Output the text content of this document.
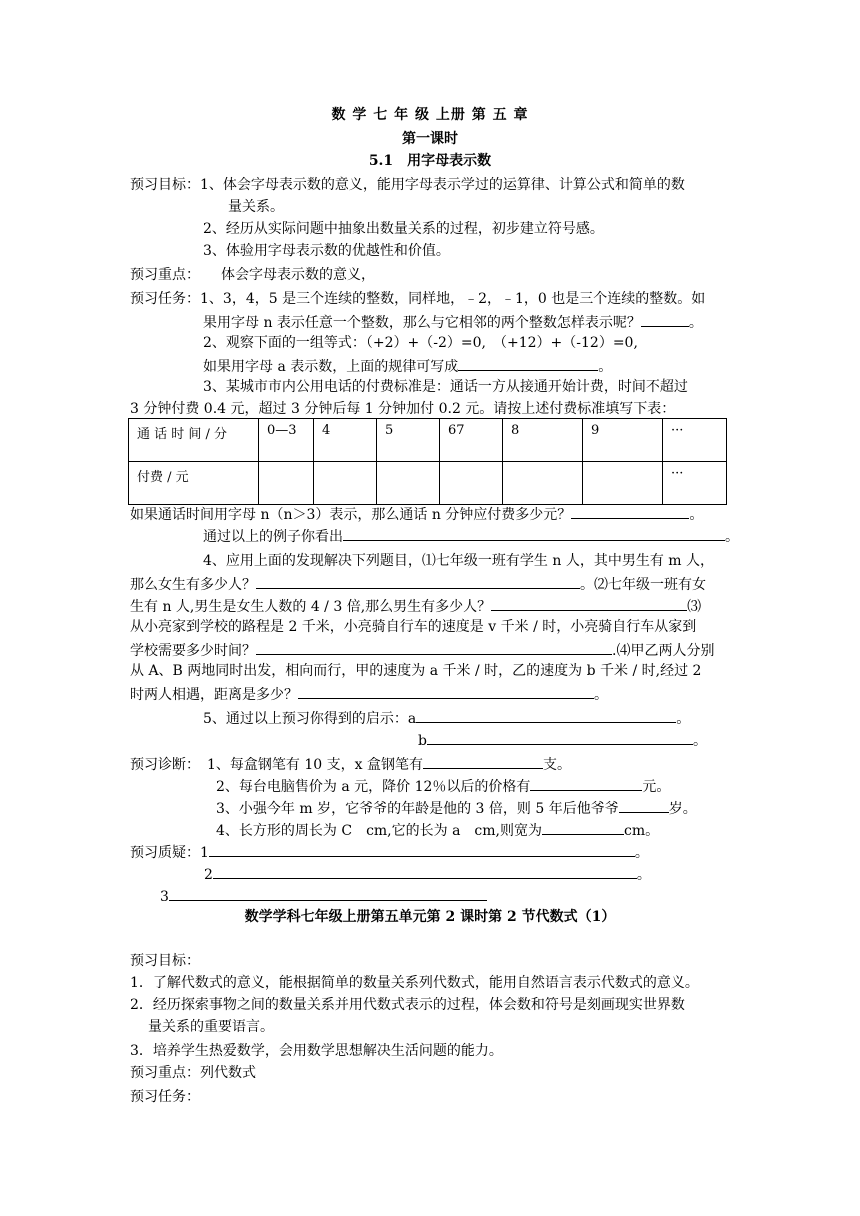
数 学 七 年 级 上册 第 五 章
第一课时
5.1　用字母表示数
预习目标：1、体会字母表示数的意义，能用字母表示学过的运算律、计算公式和简单的数
量关系。
2、经历从实际问题中抽象出数量关系的过程，初步建立符号感。
3、体验用字母表示数的优越性和价值。
预习重点：　　体会字母表示数的意义，
预习任务：1、3，4，5 是三个连续的整数，同样地，﹣2，﹣1，0 也是三个连续的整数。如
果用字母 n 表示任意一个整数，那么与它相邻的两个整数怎样表示呢？	。
2、观察下面的一组等式：（+2）+（-2）=0,　（+12）+（-12）=0,
如果用字母 a 表示数，上面的规律可写成	。
3、某城市市内公用电话的付费标准是：通话一方从接通开始计费，时间不超过
3 分钟付费 0.4 元，超过 3 分钟后每 1 分钟加付 0.2 元。请按上述付费标准填写下表：
通 话 时 间 / 分	0—3	4	5	67	8	9	···
付费 / 元							···
如果通话时间用字母 n（n＞3）表示，那么通话 n 分钟应付费多少元？	。
通过以上的例子你看出	。
4、应用上面的发现解决下列题目，⑴七年级一班有学生 n 人，其中男生有 m 人，
那么女生有多少人？	。⑵七年级一班有女
生有 n 人,男生是女生人数的 4 / 3 倍,那么男生有多少人？	⑶
从小亮家到学校的路程是 2 千米，小亮骑自行车的速度是 v 千米 / 时，小亮骑自行车从家到
学校需要多少时间？	.⑷甲乙两人分别
从 A、B 两地同时出发，相向而行，甲的速度为 a 千米 / 时，乙的速度为 b 千米 / 时,经过 2
时两人相遇，距离是多少？	。
5、通过以上预习你得到的启示：a	。
b	。
预习诊断：　1、每盒钢笔有 10 支，x 盒钢笔有	支。
2、每台电脑售价为 a 元，降价 12％以后的价格有	元。
3、小强今年 m 岁，它爷爷的年龄是他的 3 倍，则 5 年后他爷爷	岁。
4、长方形的周长为 C　cm,它的长为 a　cm,则宽为	cm。
预习质疑：1	。
2	。
3
数学学科七年级上册第五单元第 2 课时第 2 节代数式（1）
预习目标：
1．了解代数式的意义，能根据简单的数量关系列代数式，能用自然语言表示代数式的意义。
2．经历探索事物之间的数量关系并用代数式表示的过程，体会数和符号是刻画现实世界数
量关系的重要语言。
3．培养学生热爱数学，会用数学思想解决生活问题的能力。
预习重点：列代数式
预习任务：
